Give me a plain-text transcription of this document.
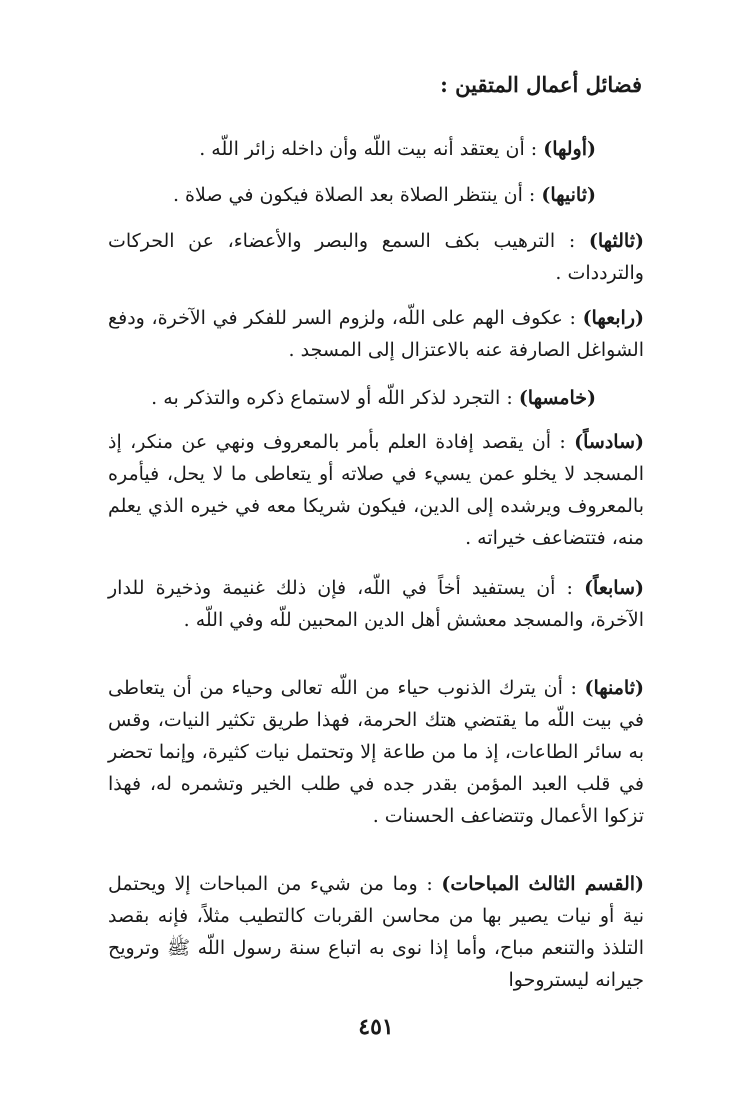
فضائل أعمال المتقين :
(أولها) : أن يعتقد أنه بيت اللّه وأن داخله زائر اللّه .
(ثانيها) : أن ينتظر الصلاة بعد الصلاة فيكون في صلاة .
(ثالثها) : الترهيب بكف السمع والبصر والأعضاء، عن الحركات والترددات .
(رابعها) : عكوف الهم على اللّه، ولزوم السر للفكر في الآخرة، ودفع الشواغل الصارفة عنه بالاعتزال إلى المسجد .
(خامسها) : التجرد لذكر اللّه أو لاستماع ذكره والتذكر به .
(سادساً) : أن يقصد إفادة العلم بأمر بالمعروف ونهي عن منكر، إذ المسجد لا يخلو عمن يسيء في صلاته أو يتعاطى ما لا يحل، فيأمره بالمعروف ويرشده إلى الدين، فيكون شريكا معه في خيره الذي يعلم منه، فتتضاعف خيراته .
(سابعاً) : أن يستفيد أخاً في اللّه، فإن ذلك غنيمة وذخيرة للدار الآخرة، والمسجد معشش أهل الدين المحبين للّه وفي اللّه .
(ثامنها) : أن يترك الذنوب حياء من اللّه تعالى وحياء من أن يتعاطى في بيت اللّه ما يقتضي هتك الحرمة، فهذا طريق تكثير النيات، وقس به سائر الطاعات، إذ ما من طاعة إلا وتحتمل نيات كثيرة، وإنما تحضر في قلب العبد المؤمن بقدر جده في طلب الخير وتشمره له، فهذا تزكوا الأعمال وتتضاعف الحسنات .
(القسم الثالث المباحات) : وما من شيء من المباحات إلا ويحتمل نية أو نيات يصير بها من محاسن القربات كالتطيب مثلاً، فإنه بقصد التلذذ والتنعم مباح، وأما إذا نوى به اتباع سنة رسول اللّه ﷺ وترويح جيرانه ليستروحوا
٤٥١
